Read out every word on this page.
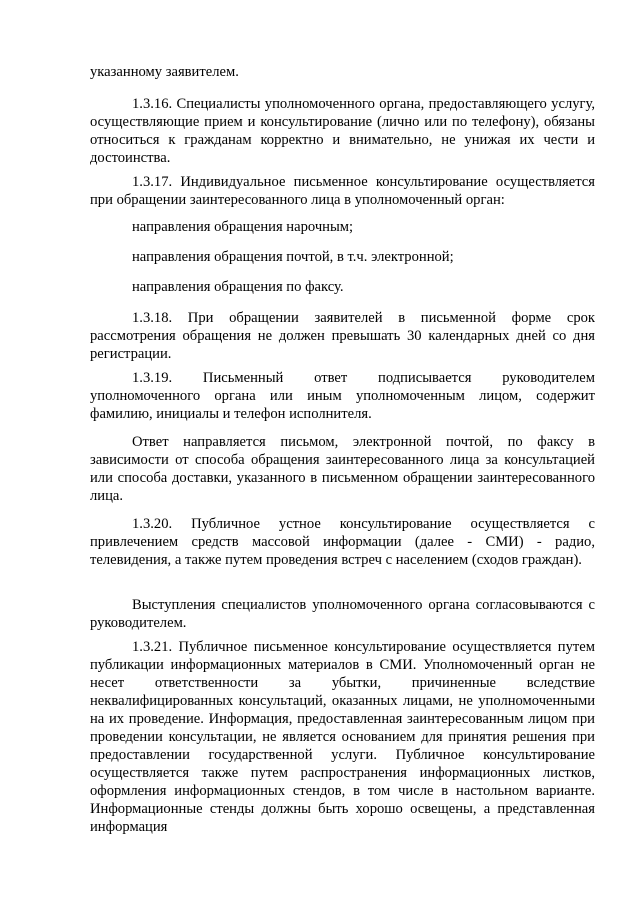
указанному заявителем.

1.3.16. Специалисты уполномоченного органа, предоставляющего услугу, осуществляющие прием и консультирование (лично или по телефону), обязаны относиться к гражданам корректно и внимательно, не унижая их чести и достоинства.

1.3.17. Индивидуальное письменное консультирование осуществляется при обращении заинтересованного лица в уполномоченный орган:

направления обращения нарочным;

направления обращения почтой, в т.ч. электронной;

направления обращения по факсу.

1.3.18. При обращении заявителей в письменной форме срок рассмотрения обращения не должен превышать 30 календарных дней со дня регистрации.

1.3.19. Письменный ответ подписывается руководителем уполномоченного органа или иным уполномоченным лицом, содержит фамилию, инициалы и телефон исполнителя.

Ответ направляется письмом, электронной почтой, по факсу в зависимости от способа обращения заинтересованного лица за консультацией или способа доставки, указанного в письменном обращении заинтересованного лица.

1.3.20. Публичное устное консультирование осуществляется с привлечением средств массовой информации (далее - СМИ) - радио, телевидения, а также путем проведения встреч с населением (сходов граждан).

Выступления специалистов уполномоченного органа согласовываются с руководителем.

1.3.21. Публичное письменное консультирование осуществляется путем публикации информационных материалов в СМИ. Уполномоченный орган не несет ответственности за убытки, причиненные вследствие неквалифицированных консультаций, оказанных лицами, не уполномоченными на их проведение. Информация, предоставленная заинтересованным лицом при проведении консультации, не является основанием для принятия решения при предоставлении государственной услуги. Публичное консультирование осуществляется также путем распространения информационных листков, оформления информационных стендов, в том числе в настольном варианте. Информационные стенды должны быть хорошо освещены, а представленная информация
